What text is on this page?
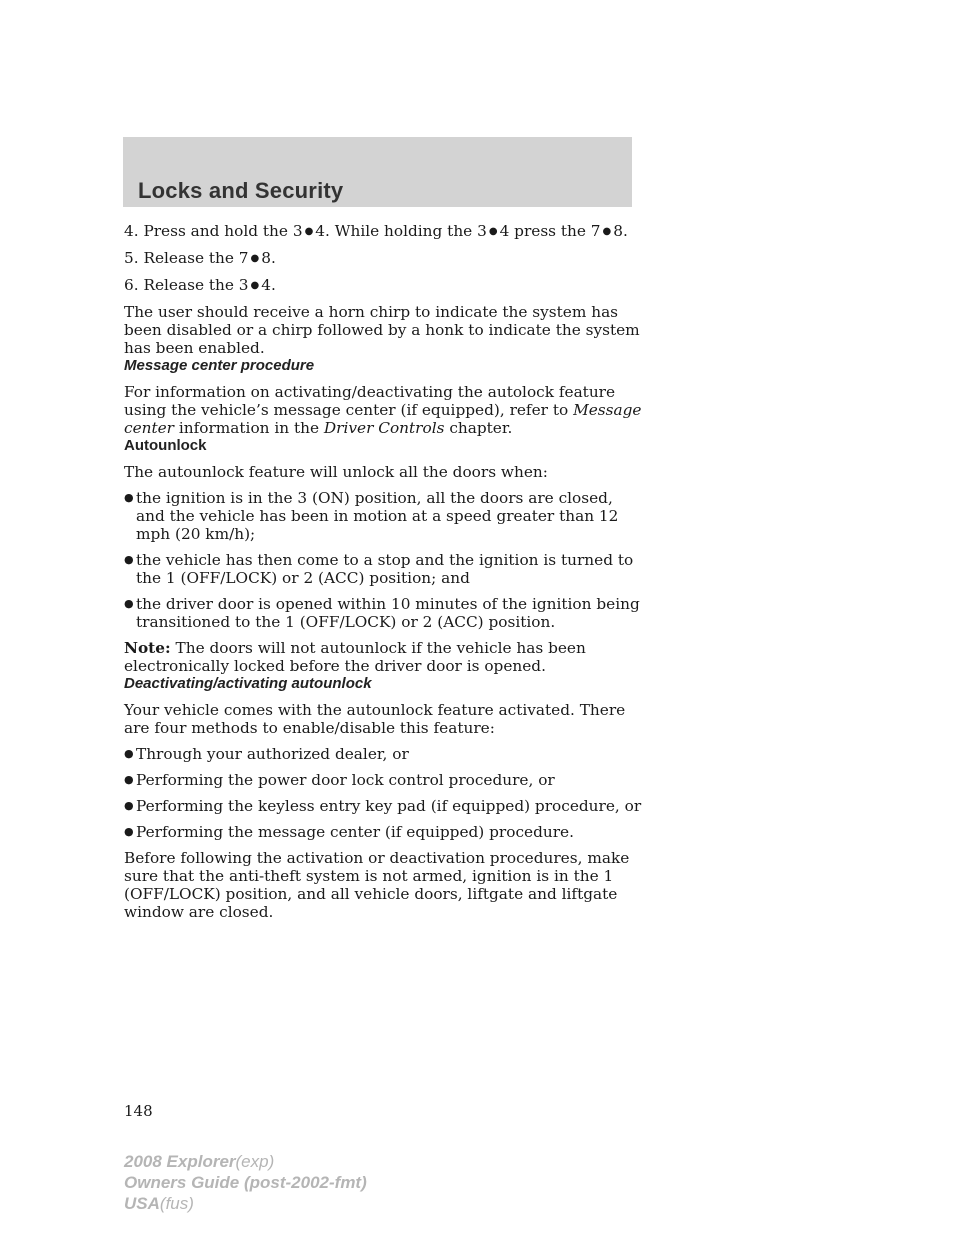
Locks and Security

4. Press and hold the 3 ● 4. While holding the 3 ● 4 press the 7 ● 8.

5. Release the 7 ● 8.

6. Release the 3 ● 4.

The user should receive a horn chirp to indicate the system has been disabled or a chirp followed by a honk to indicate the system has been enabled.

Message center procedure

For information on activating/deactivating the autolock feature using the vehicle’s message center (if equipped), refer to Message center information in the Driver Controls chapter.

Autounlock

The autounlock feature will unlock all the doors when:

● the ignition is in the 3 (ON) position, all the doors are closed, and the vehicle has been in motion at a speed greater than 12 mph (20 km/h);
● the vehicle has then come to a stop and the ignition is turned to the 1 (OFF/LOCK) or 2 (ACC) position; and
● the driver door is opened within 10 minutes of the ignition being transitioned to the 1 (OFF/LOCK) or 2 (ACC) position.

Note: The doors will not autounlock if the vehicle has been electronically locked before the driver door is opened.

Deactivating/activating autounlock

Your vehicle comes with the autounlock feature activated. There are four methods to enable/disable this feature:

● Through your authorized dealer, or
● Performing the power door lock control procedure, or
● Performing the keyless entry key pad (if equipped) procedure, or
● Performing the message center (if equipped) procedure.

Before following the activation or deactivation procedures, make sure that the anti-theft system is not armed, ignition is in the 1 (OFF/LOCK) position, and all vehicle doors, liftgate and liftgate window are closed.

148
2008 Explorer(exp)
Owners Guide (post-2002-fmt)
USA(fus)
